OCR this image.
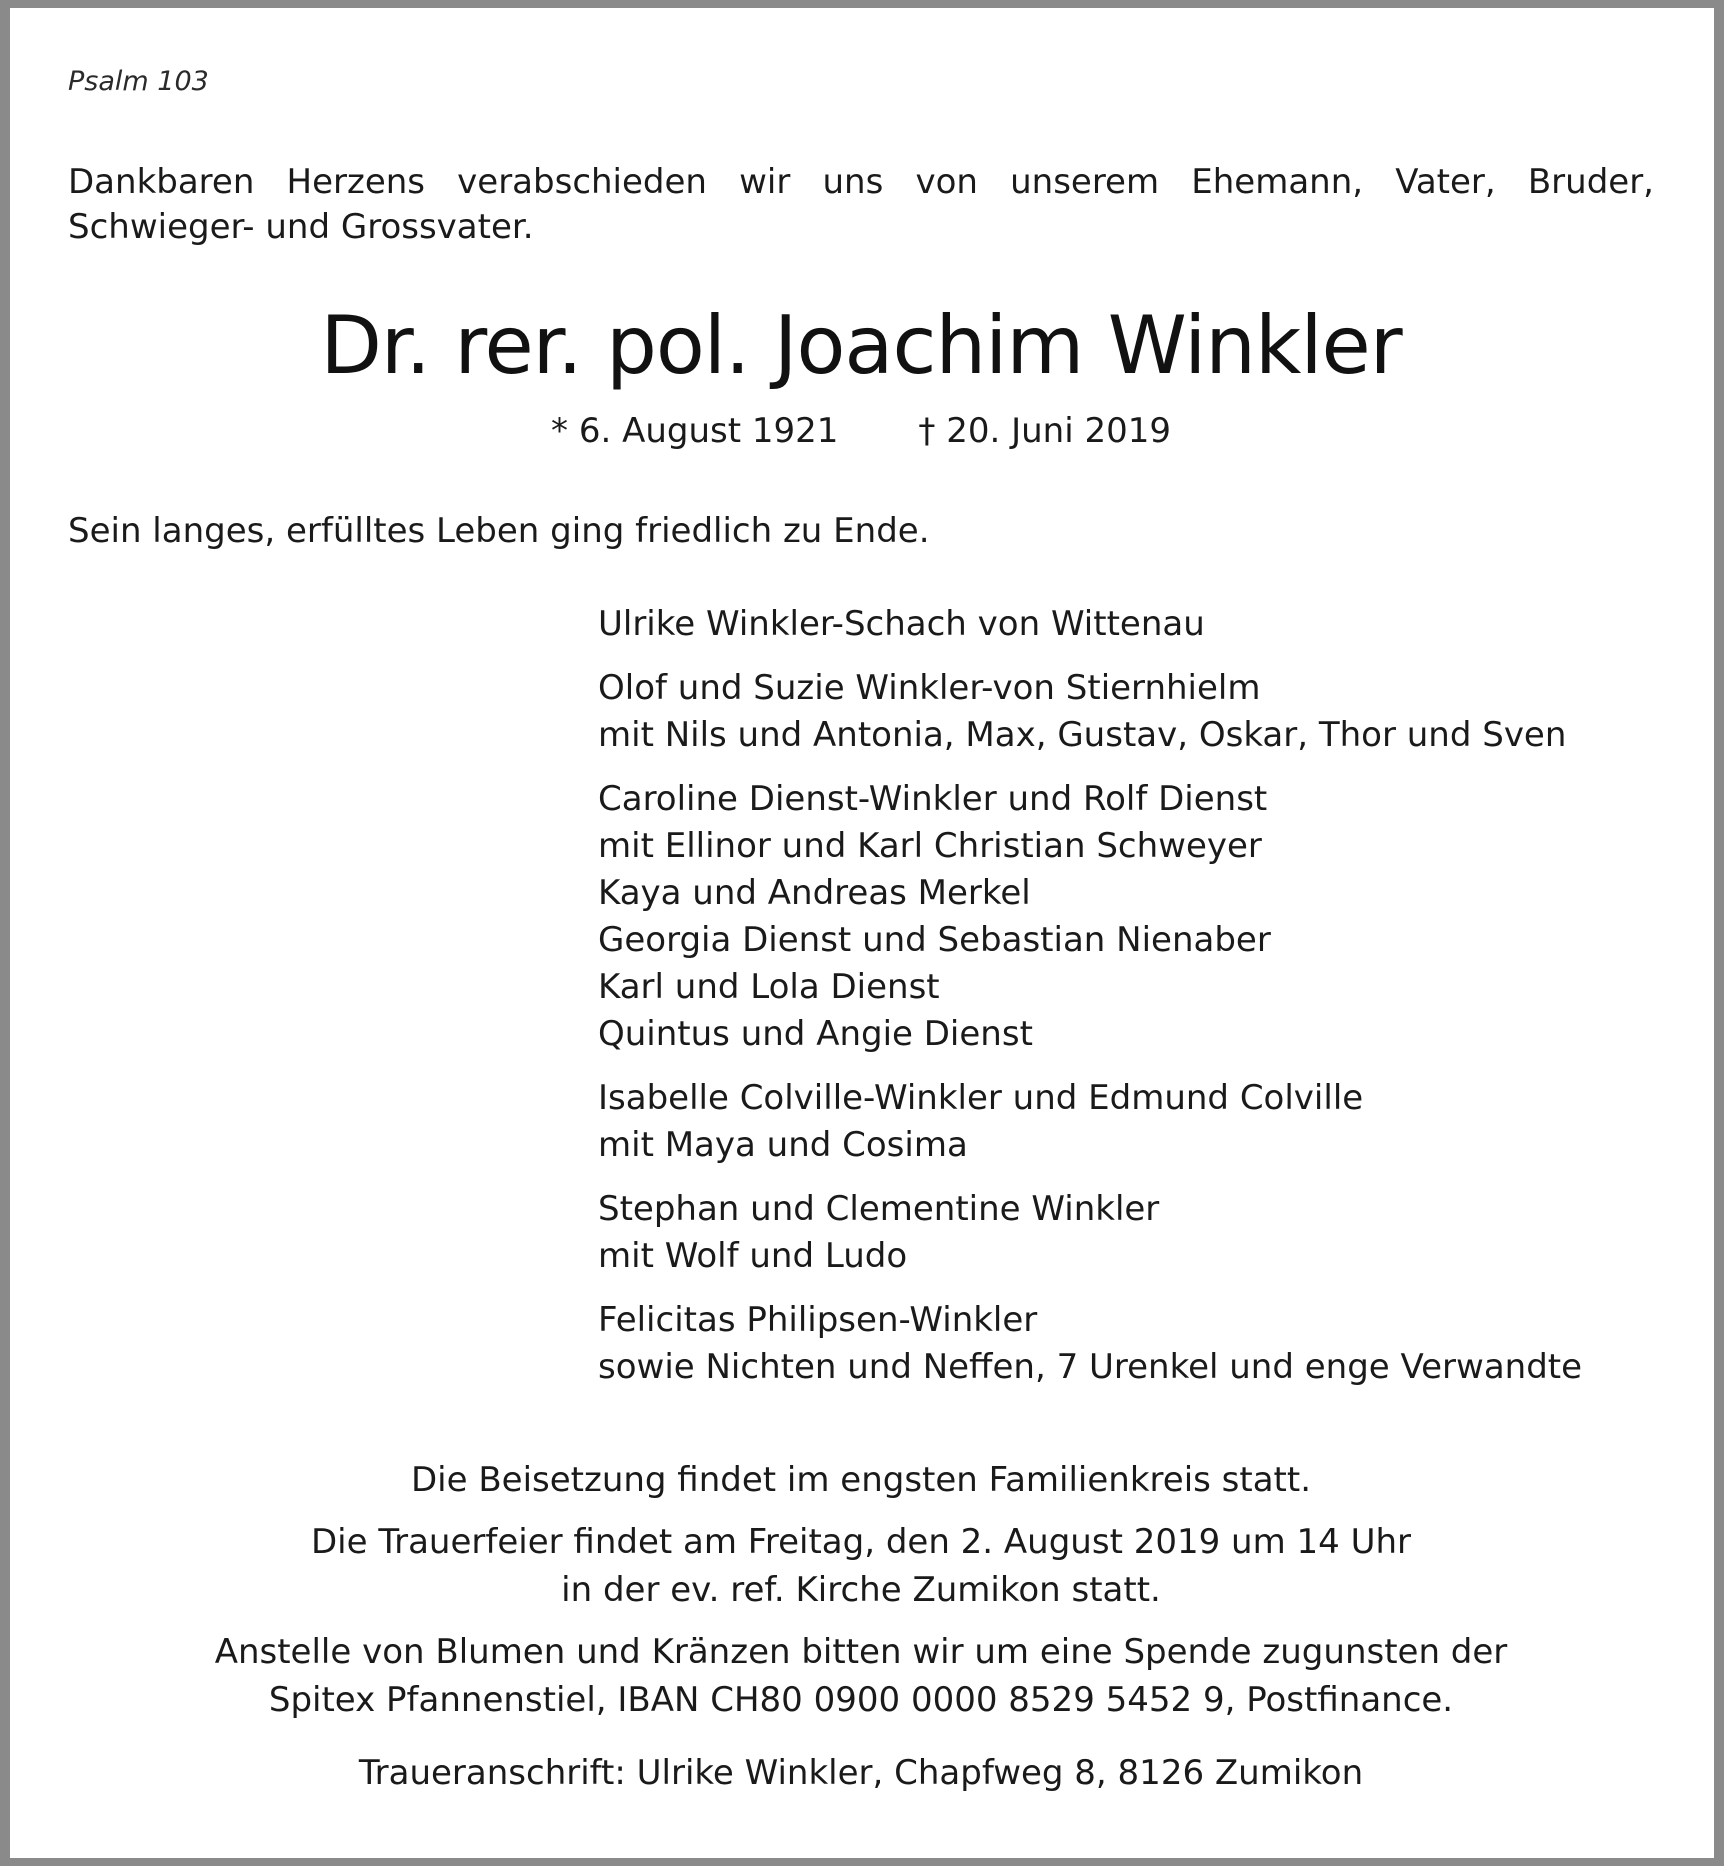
Psalm 103
Dankbaren Herzens verabschieden wir uns von unserem Ehemann, Vater, Bruder,
Schwieger- und Grossvater.
Dr. rer. pol. Joachim Winkler
* 6. August 1921 † 20. Juni 2019
Sein langes, erfülltes Leben ging friedlich zu Ende.
Ulrike Winkler-Schach von Wittenau
Olof und Suzie Winkler-von Stiernhielm
mit Nils und Antonia, Max, Gustav, Oskar, Thor und Sven
Caroline Dienst-Winkler und Rolf Dienst
mit Ellinor und Karl Christian Schweyer
Kaya und Andreas Merkel
Georgia Dienst und Sebastian Nienaber
Karl und Lola Dienst
Quintus und Angie Dienst
Isabelle Colville-Winkler und Edmund Colville
mit Maya und Cosima
Stephan und Clementine Winkler
mit Wolf und Ludo
Felicitas Philipsen-Winkler
sowie Nichten und Neffen, 7 Urenkel und enge Verwandte
Die Beisetzung findet im engsten Familienkreis statt.
Die Trauerfeier findet am Freitag, den 2. August 2019 um 14 Uhr
in der ev. ref. Kirche Zumikon statt.
Anstelle von Blumen und Kränzen bitten wir um eine Spende zugunsten der
Spitex Pfannenstiel, IBAN CH80 0900 0000 8529 5452 9, Postfinance.
Traueranschrift: Ulrike Winkler, Chapfweg 8, 8126 Zumikon
